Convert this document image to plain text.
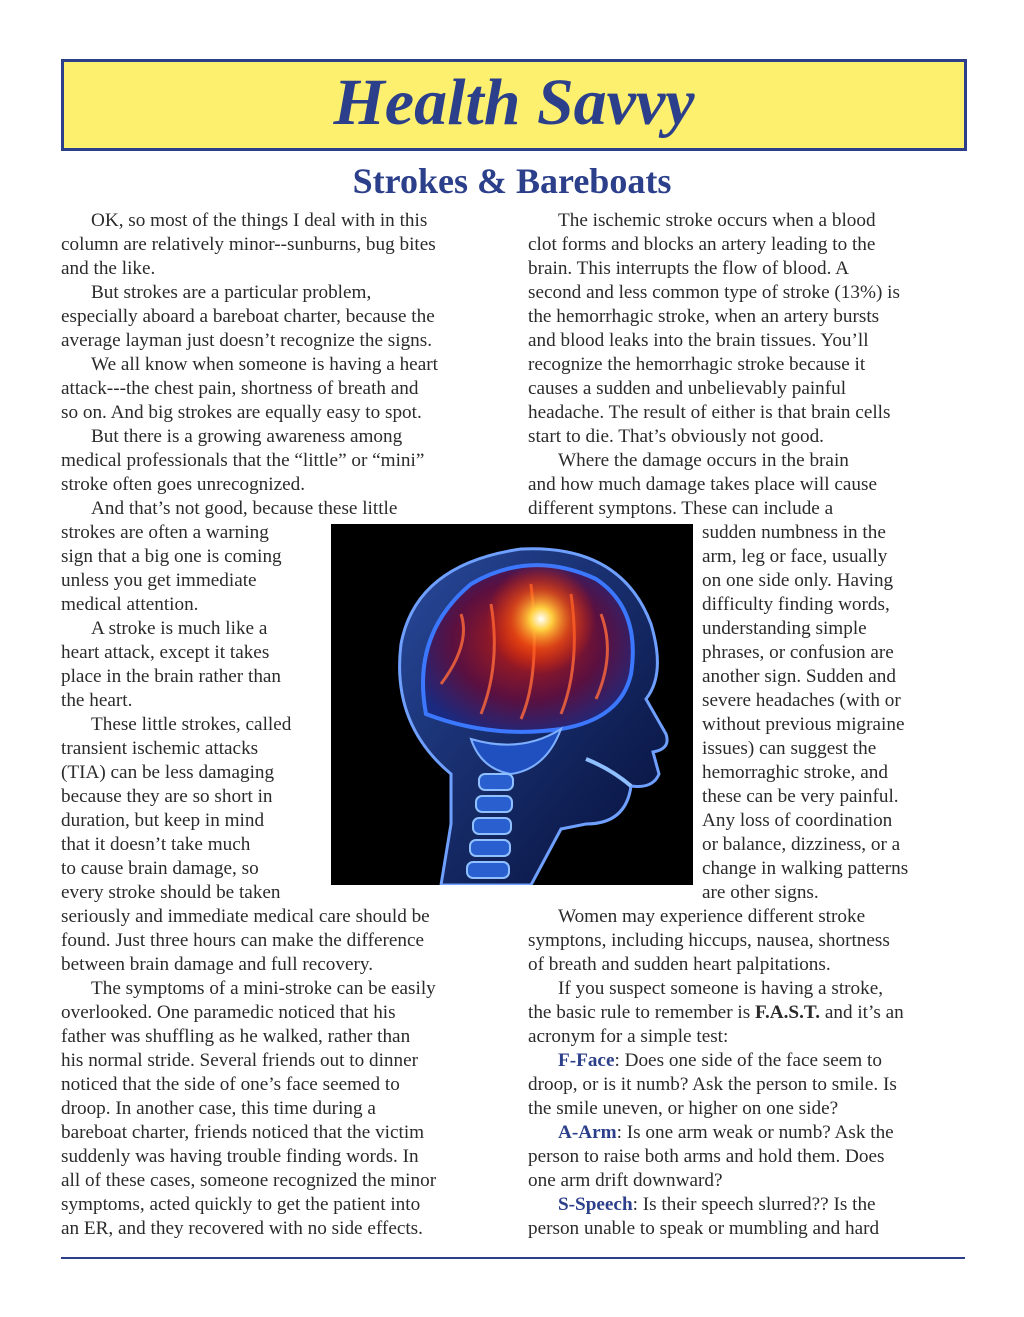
Health Savvy
Strokes & Bareboats

OK, so most of the things I deal with in this

column are relatively minor--sunburns, bug bites

and the like.

But strokes are a particular problem,

especially aboard a bareboat charter, because the

average layman just doesn’t recognize the signs.

We all know when someone is having a heart

attack---the chest pain, shortness of breath and

so on. And big strokes are equally easy to spot.

But there is a growing awareness among

medical professionals that the “little” or “mini”

stroke often goes unrecognized.

And that’s not good, because these little

strokes are often a warning

sign that a big one is coming

unless you get immediate

medical attention.

A stroke is much like a

heart attack, except it takes

place in the brain rather than

the heart.

These little strokes, called

transient ischemic attacks

(TIA) can be less damaging

because they are so short in

duration, but keep in mind

that it doesn’t take much

to cause brain damage, so

every stroke should be taken

seriously and immediate medical care should be

found. Just three hours can make the difference

between brain damage and full recovery.

The symptoms of a mini-stroke can be easily

overlooked. One paramedic noticed that his

father was shuffling as he walked, rather than

his normal stride. Several friends out to dinner

noticed that the side of one’s face seemed to

droop. In another case, this time during a

bareboat charter, friends noticed that the victim

suddenly was having trouble finding words. In

all of these cases, someone recognized the minor

symptoms, acted quickly to get the patient into

an ER, and they recovered with no side effects.

The ischemic stroke occurs when a blood

clot forms and blocks an artery leading to the

brain. This interrupts the flow of blood. A

second and less common type of stroke (13%) is

the hemorrhagic stroke, when an artery bursts

and blood leaks into the brain tissues. You’ll

recognize the hemorrhagic stroke because it

causes a sudden and unbelievably painful

headache. The result of either is that brain cells

start to die. That’s obviously not good.

Where the damage occurs in the brain

and how much damage takes place will cause

different symptons. These can include a

sudden numbness in the

arm, leg or face, usually

on one side only. Having

difficulty finding words,

understanding simple

phrases, or confusion are

another sign. Sudden and

severe headaches (with or

without previous migraine

issues) can suggest the

hemorraghic stroke, and

these can be very painful.

Any loss of coordination

or balance, dizziness, or a

change in walking patterns

are other signs.

Women may experience different stroke

symptons, including hiccups, nausea, shortness

of breath and sudden heart palpitations.

If you suspect someone is having a stroke,

the basic rule to remember is F.A.S.T. and it’s an

acronym for a simple test:

F-Face: Does one side of the face seem to

droop, or is it numb? Ask the person to smile. Is

the smile uneven, or higher on one side?

A-Arm: Is one arm weak or numb? Ask the

person to raise both arms and hold them. Does

one arm drift downward?

S-Speech: Is their speech slurred?? Is the

person unable to speak or mumbling and hard
